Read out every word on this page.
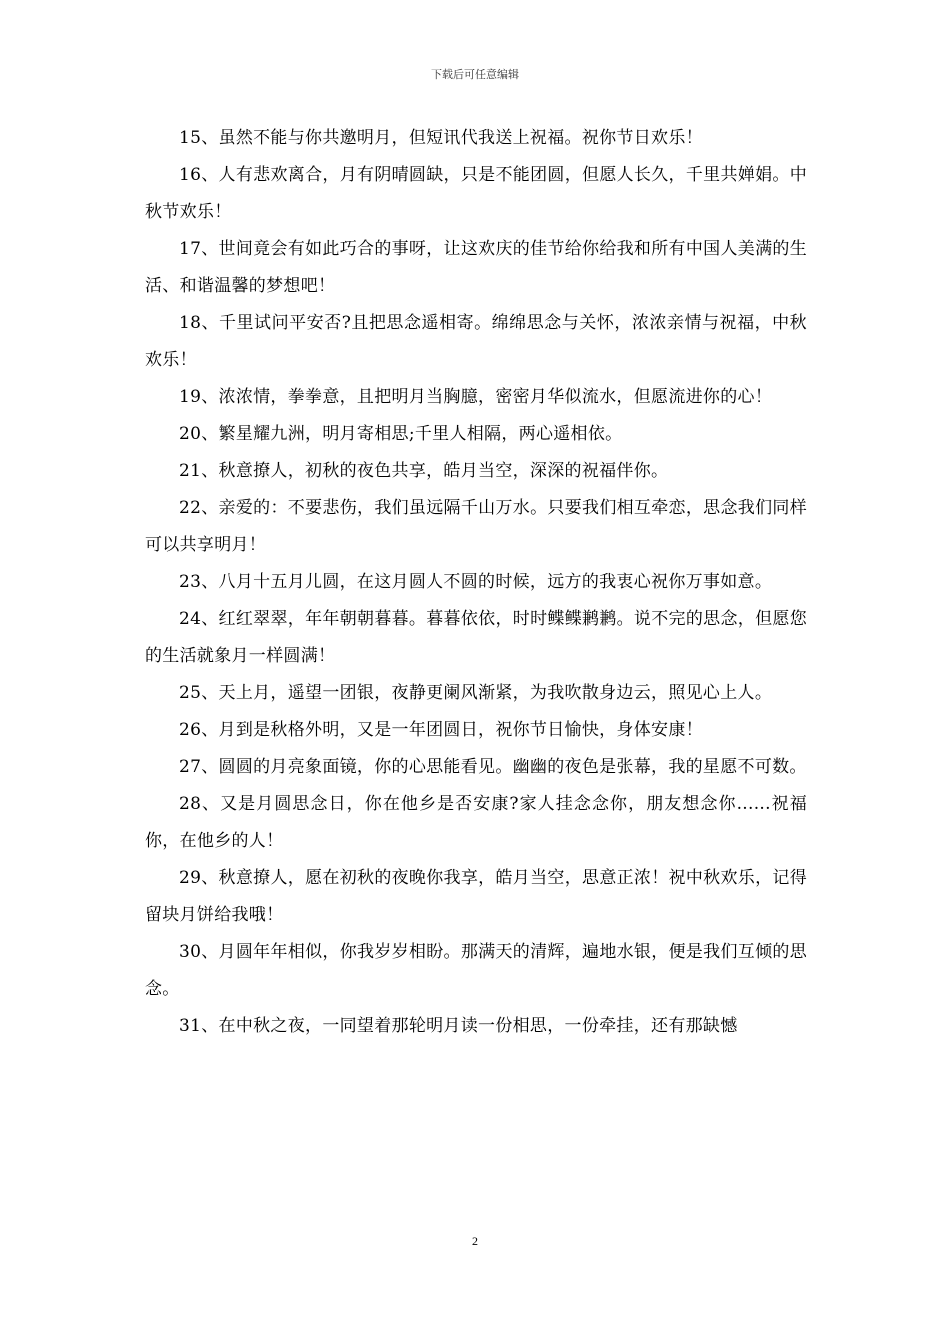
下载后可任意编辑

15、虽然不能与你共邀明月，但短讯代我送上祝福。祝你节日欢乐！

16、人有悲欢离合，月有阴晴圆缺，只是不能团圆，但愿人长久，千里共婵娟。中秋节欢乐！

17、世间竟会有如此巧合的事呀，让这欢庆的佳节给你给我和所有中国人美满的生活、和谐温馨的梦想吧！

18、千里试问平安否?且把思念遥相寄。绵绵思念与关怀，浓浓亲情与祝福，中秋欢乐！

19、浓浓情，拳拳意，且把明月当胸臆，密密月华似流水，但愿流进你的心！

20、繁星耀九洲，明月寄相思;千里人相隔，两心遥相依。

21、秋意撩人，初秋的夜色共享，皓月当空，深深的祝福伴你。

22、亲爱的：不要悲伤，我们虽远隔千山万水。只要我们相互牵恋，思念我们同样可以共享明月！

23、八月十五月儿圆，在这月圆人不圆的时候，远方的我衷心祝你万事如意。

24、红红翠翠，年年朝朝暮暮。暮暮依依，时时鲽鲽鹣鹣。说不完的思念，但愿您的生活就象月一样圆满！

25、天上月，遥望一团银，夜静更阑风渐紧，为我吹散身边云，照见心上人。

26、月到是秋格外明，又是一年团圆日，祝你节日愉快，身体安康！

27、圆圆的月亮象面镜，你的心思能看见。幽幽的夜色是张幕，我的星愿不可数。

28、又是月圆思念日，你在他乡是否安康?家人挂念念你，朋友想念你......祝福你，在他乡的人！

29、秋意撩人，愿在初秋的夜晚你我享，皓月当空，思意正浓！祝中秋欢乐，记得留块月饼给我哦！

30、月圆年年相似，你我岁岁相盼。那满天的清辉，遍地水银，便是我们互倾的思念。

31、在中秋之夜，一同望着那轮明月读一份相思，一份牵挂，还有那缺憾

2
